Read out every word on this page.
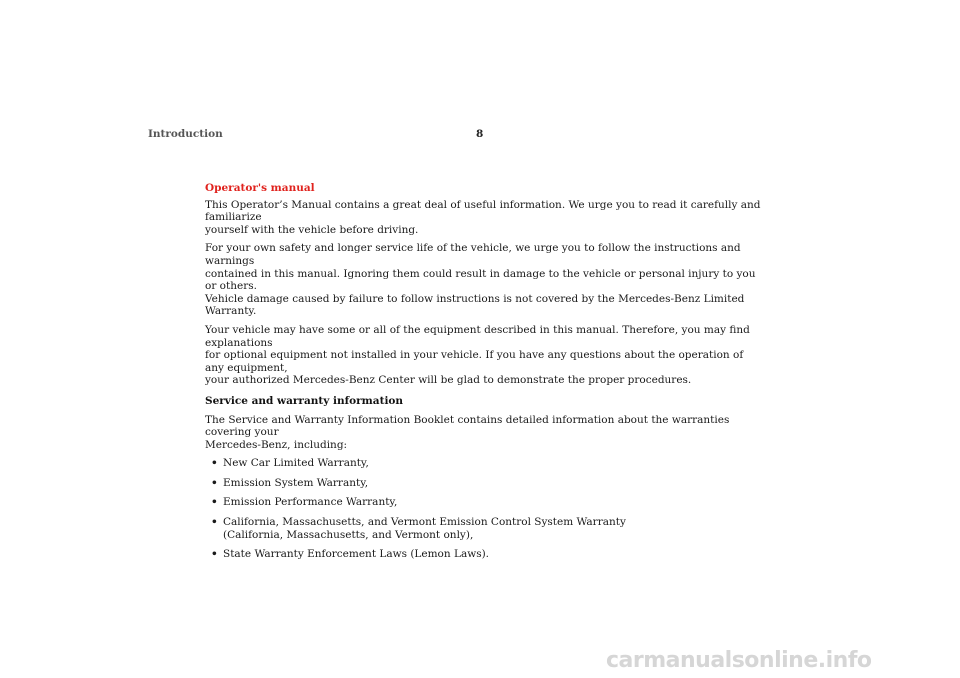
Introduction	8
Operator's manual

This Operator’s Manual contains a great deal of useful information. We urge you to read it carefully and familiarize
yourself with the vehicle before driving.

For your own safety and longer service life of the vehicle, we urge you to follow the instructions and warnings
contained in this manual. Ignoring them could result in damage to the vehicle or personal injury to you or others.
Vehicle damage caused by failure to follow instructions is not covered by the Mercedes-Benz Limited Warranty.

Your vehicle may have some or all of the equipment described in this manual. Therefore, you may find explanations
for optional equipment not installed in your vehicle. If you have any questions about the operation of any equipment,
your authorized Mercedes-Benz Center will be glad to demonstrate the proper procedures.

Service and warranty information

The Service and Warranty Information Booklet contains detailed information about the warranties covering your
Mercedes-Benz, including:

• New Car Limited Warranty,
• Emission System Warranty,
• Emission Performance Warranty,
• California, Massachusetts, and Vermont Emission Control System Warranty
(California, Massachusetts, and Vermont only),
• State Warranty Enforcement Laws (Lemon Laws).
carmanualsonline.info
